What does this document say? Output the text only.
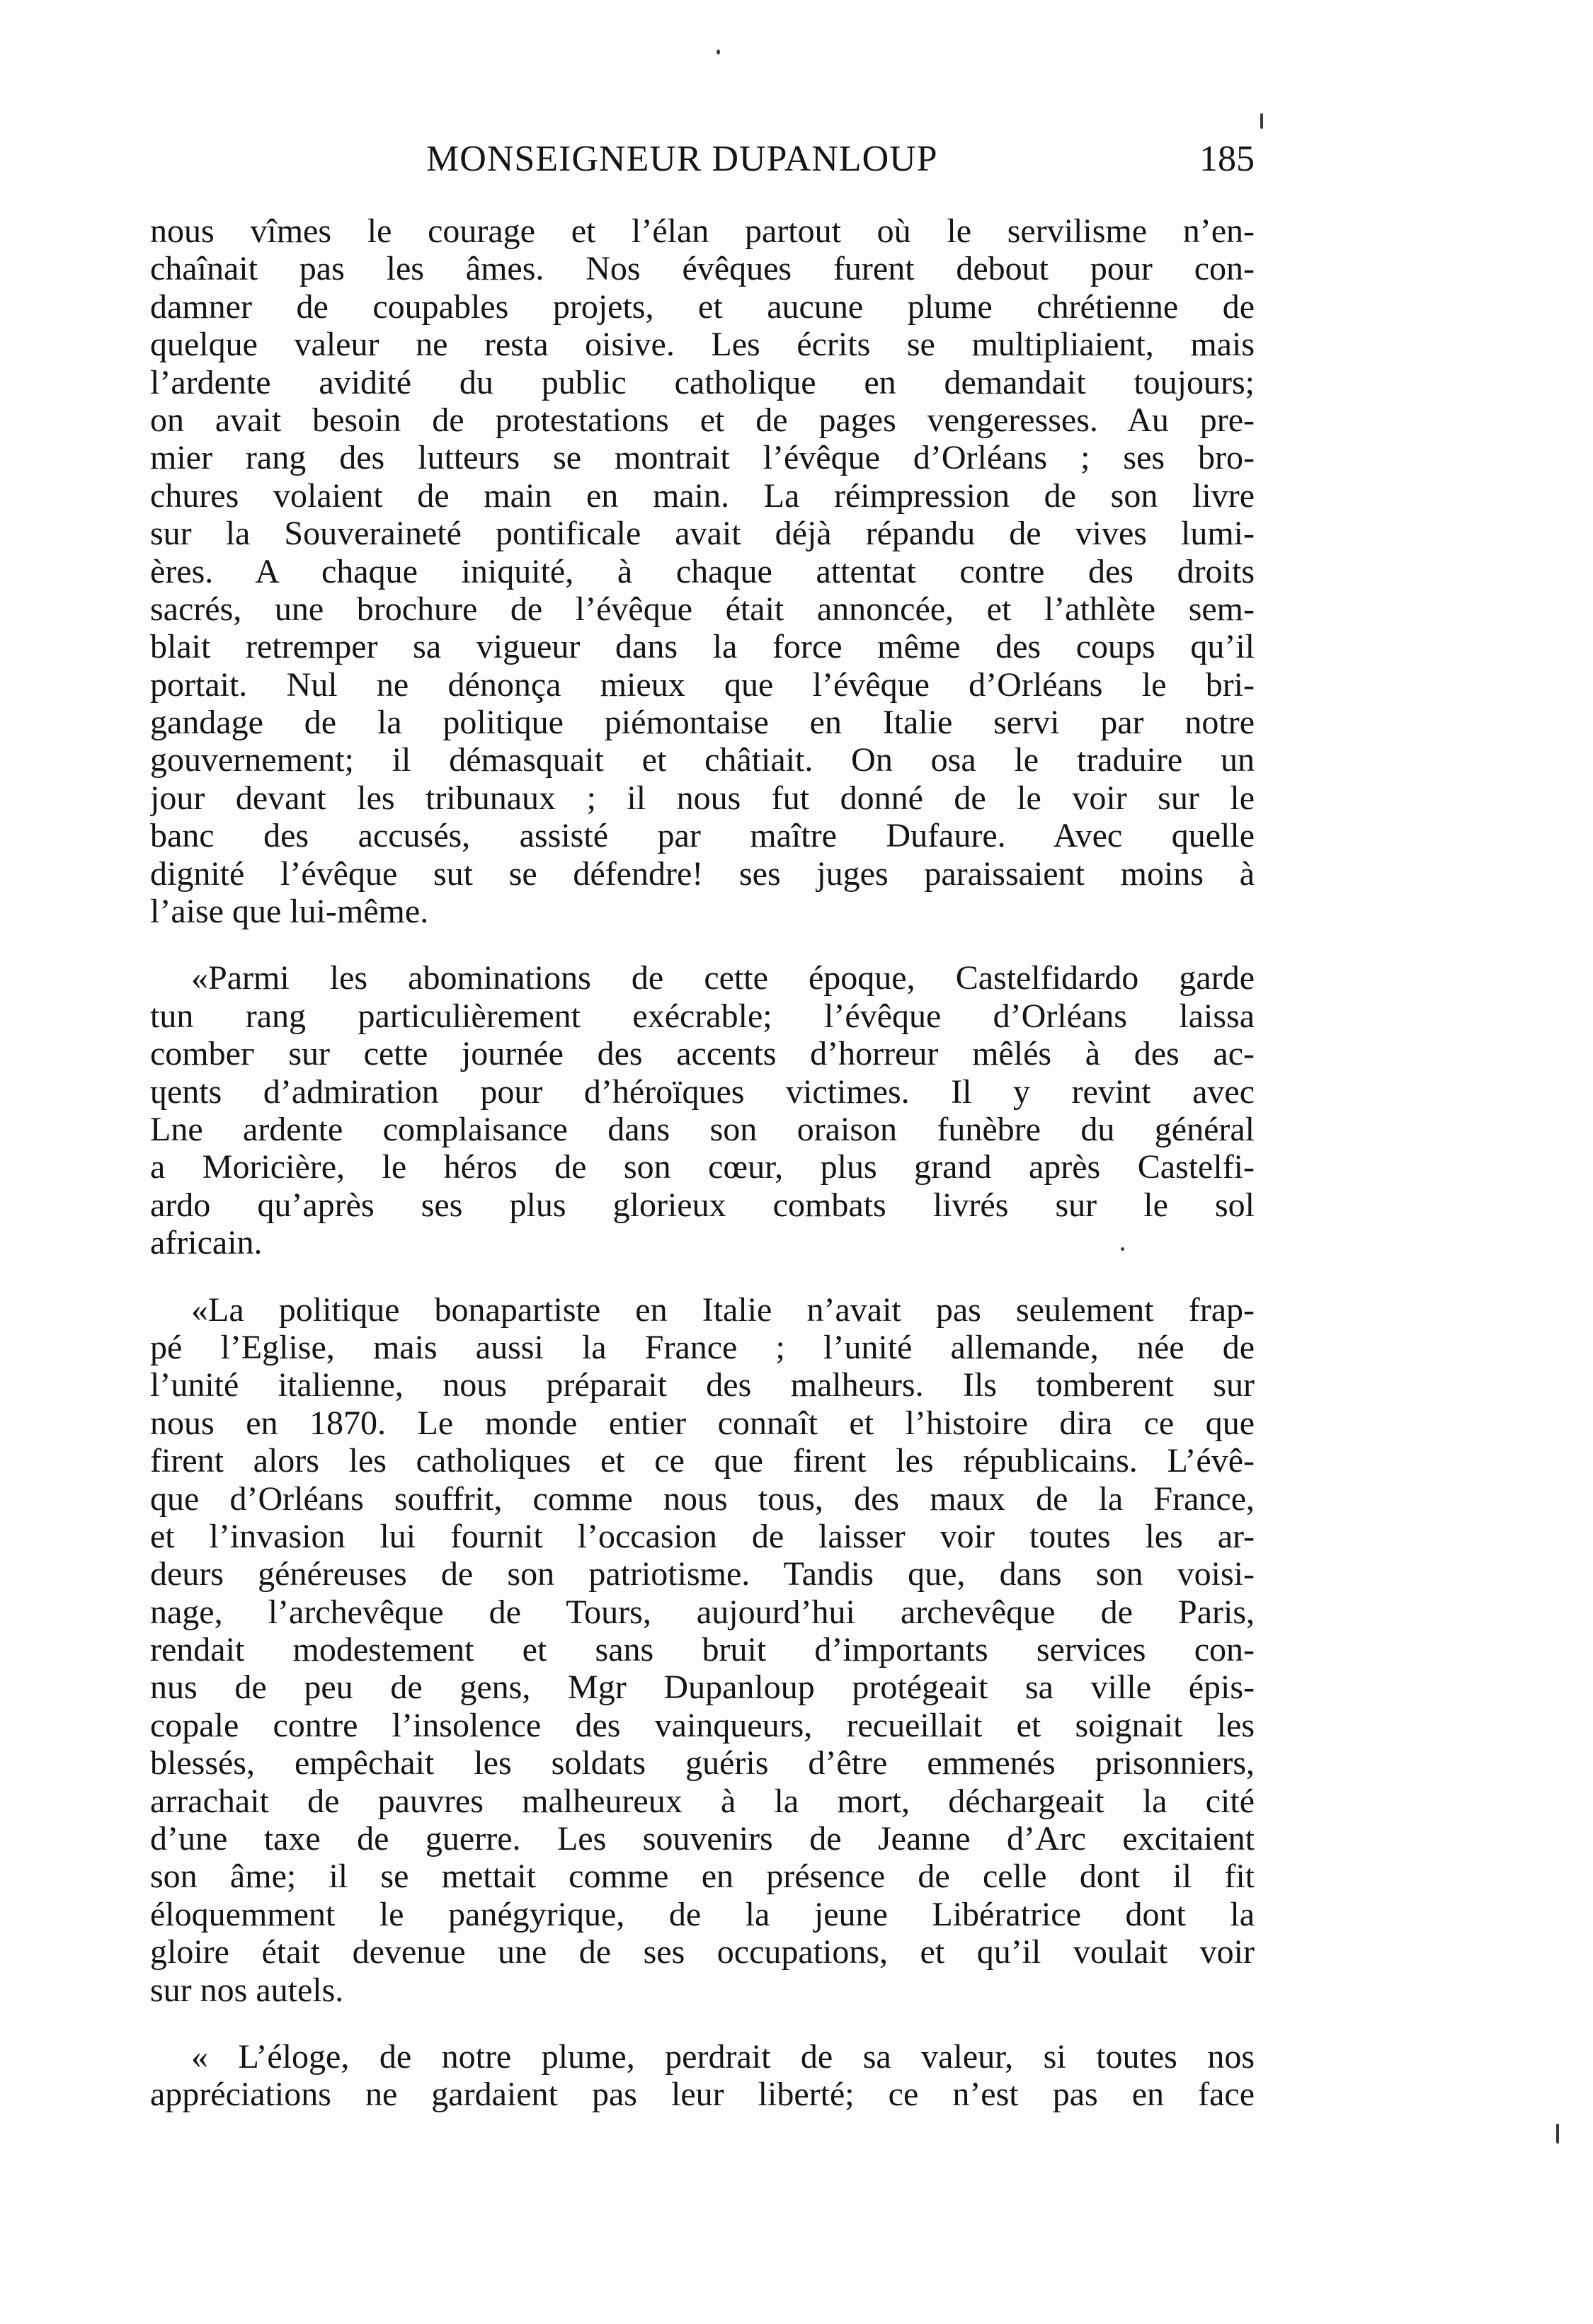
MONSEIGNEUR DUPANLOUP	185

nous vîmes le courage et l’élan partout où le servilisme n’en-
chaînait pas les âmes. Nos évêques furent debout pour con-
damner de coupables projets, et aucune plume chrétienne de
quelque valeur ne resta oisive. Les écrits se multipliaient, mais
l’ardente avidité du public catholique en demandait toujours;
on avait besoin de protestations et de pages vengeresses. Au pre-
mier rang des lutteurs se montrait l’évêque d’Orléans ; ses bro-
chures volaient de main en main. La réimpression de son livre
sur la Souveraineté pontificale avait déjà répandu de vives lumi-
ères. A chaque iniquité, à chaque attentat contre des droits
sacrés, une brochure de l’évêque était annoncée, et l’athlète sem-
blait retremper sa vigueur dans la force même des coups qu’il
portait. Nul ne dénonça mieux que l’évêque d’Orléans le bri-
gandage de la politique piémontaise en Italie servi par notre
gouvernement; il démasquait et châtiait. On osa le traduire un
jour devant les tribunaux ; il nous fut donné de le voir sur le
banc des accusés, assisté par maître Dufaure. Avec quelle
dignité l’évêque sut se défendre! ses juges paraissaient moins à
l’aise que lui-même.

«Parmi les abominations de cette époque, Castelfidardo garde
tun rang particulièrement exécrable; l’évêque d’Orléans laissa
combeг sur cette journée des accents d’horreur mêlés à des ac-
ɥents d’admiration pour d’héroïques victimes. Il y revint avec
Lne ardente complaisance dans son oraison funèbre du général
a Moricière, le héros de son cœur, plus grand après Castelfi-
ardo qu’après ses plus glorieux combats livrés sur le sol
africain.

«La politique bonapartiste en Italie n’avait pas seulement frap-
pé l’Eglise, mais aussi la France ; l’unité allemande, née de
l’unité italienne, nous préparait des malheurs. Ils tomberent sur
nous en 1870. Le monde entier connaît et l’histoire dira ce que
firent alors les catholiques et ce que firent les républicains. L’évê-
que d’Orléans souffrit, comme nous tous, des maux de la France,
et l’invasion lui fournit l’occasion de laisser voir toutes les ar-
deurs généreuses de son patriotisme. Tandis que, dans son voisi-
nage, l’archevêque de Tours, aujourd’hui archevêque de Paris,
rendait modestement et sans bruit d’importants services con-
nus de peu de gens, Mgr Dupanloup protégeait sa ville épis-
copale contre l’insolence des vainqueurs, recueillait et soignait les
blessés, empêchait les soldats guéris d’être emmenés prisonniers,
arrachait de pauvres malheureux à la mort, déchargeait la cité
d’une taxe de guerre. Les souvenirs de Jeanne d’Arc excitaient
son âme; il se mettait comme en présence de celle dont il fit
éloquemment le panégyrique, de la jeune Libératrice dont la
gloire était devenue une de ses occupations, et qu’il voulait voir
sur nos autels.

« L’éloge, de notre plume, perdrait de sa valeur, si toutes nos
appréciations ne gardaient pas leur liberté; ce n’est pas en face
